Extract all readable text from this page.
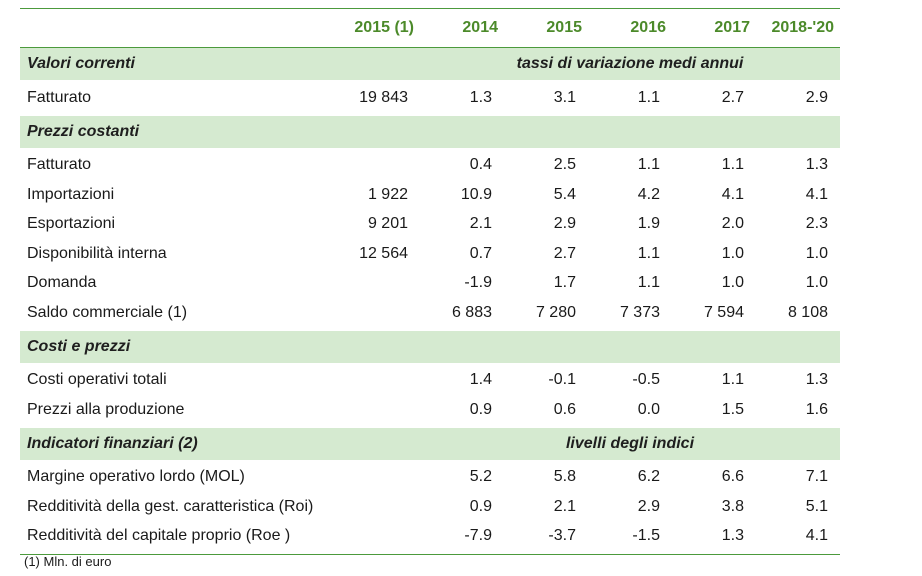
	2015 (1)	2014	2015	2016	2017	2018-'20
Valori correnti		tassi di variazione medi annui				
Fatturato	19 843	1.3	3.1	1.1	2.7	2.9
Prezzi costanti						
Fatturato		0.4	2.5	1.1	1.1	1.3
Importazioni	1 922	10.9	5.4	4.2	4.1	4.1
Esportazioni	9 201	2.1	2.9	1.9	2.0	2.3
Disponibilità interna	12 564	0.7	2.7	1.1	1.0	1.0
Domanda		-1.9	1.7	1.1	1.0	1.0
Saldo commerciale (1)		6 883	7 280	7 373	7 594	8 108
Costi e prezzi						
Costi operativi totali		1.4	-0.1	-0.5	1.1	1.3
Prezzi alla produzione		0.9	0.6	0.0	1.5	1.6
Indicatori finanziari (2)		livelli degli indici				
Margine operativo lordo (MOL)		5.2	5.8	6.2	6.6	7.1
Redditività della gest. caratteristica (Roi)		0.9	2.1	2.9	3.8	5.1
Redditività del capitale proprio (Roe )		-7.9	-3.7	-1.5	1.3	4.1
(1) Mln. di euro
